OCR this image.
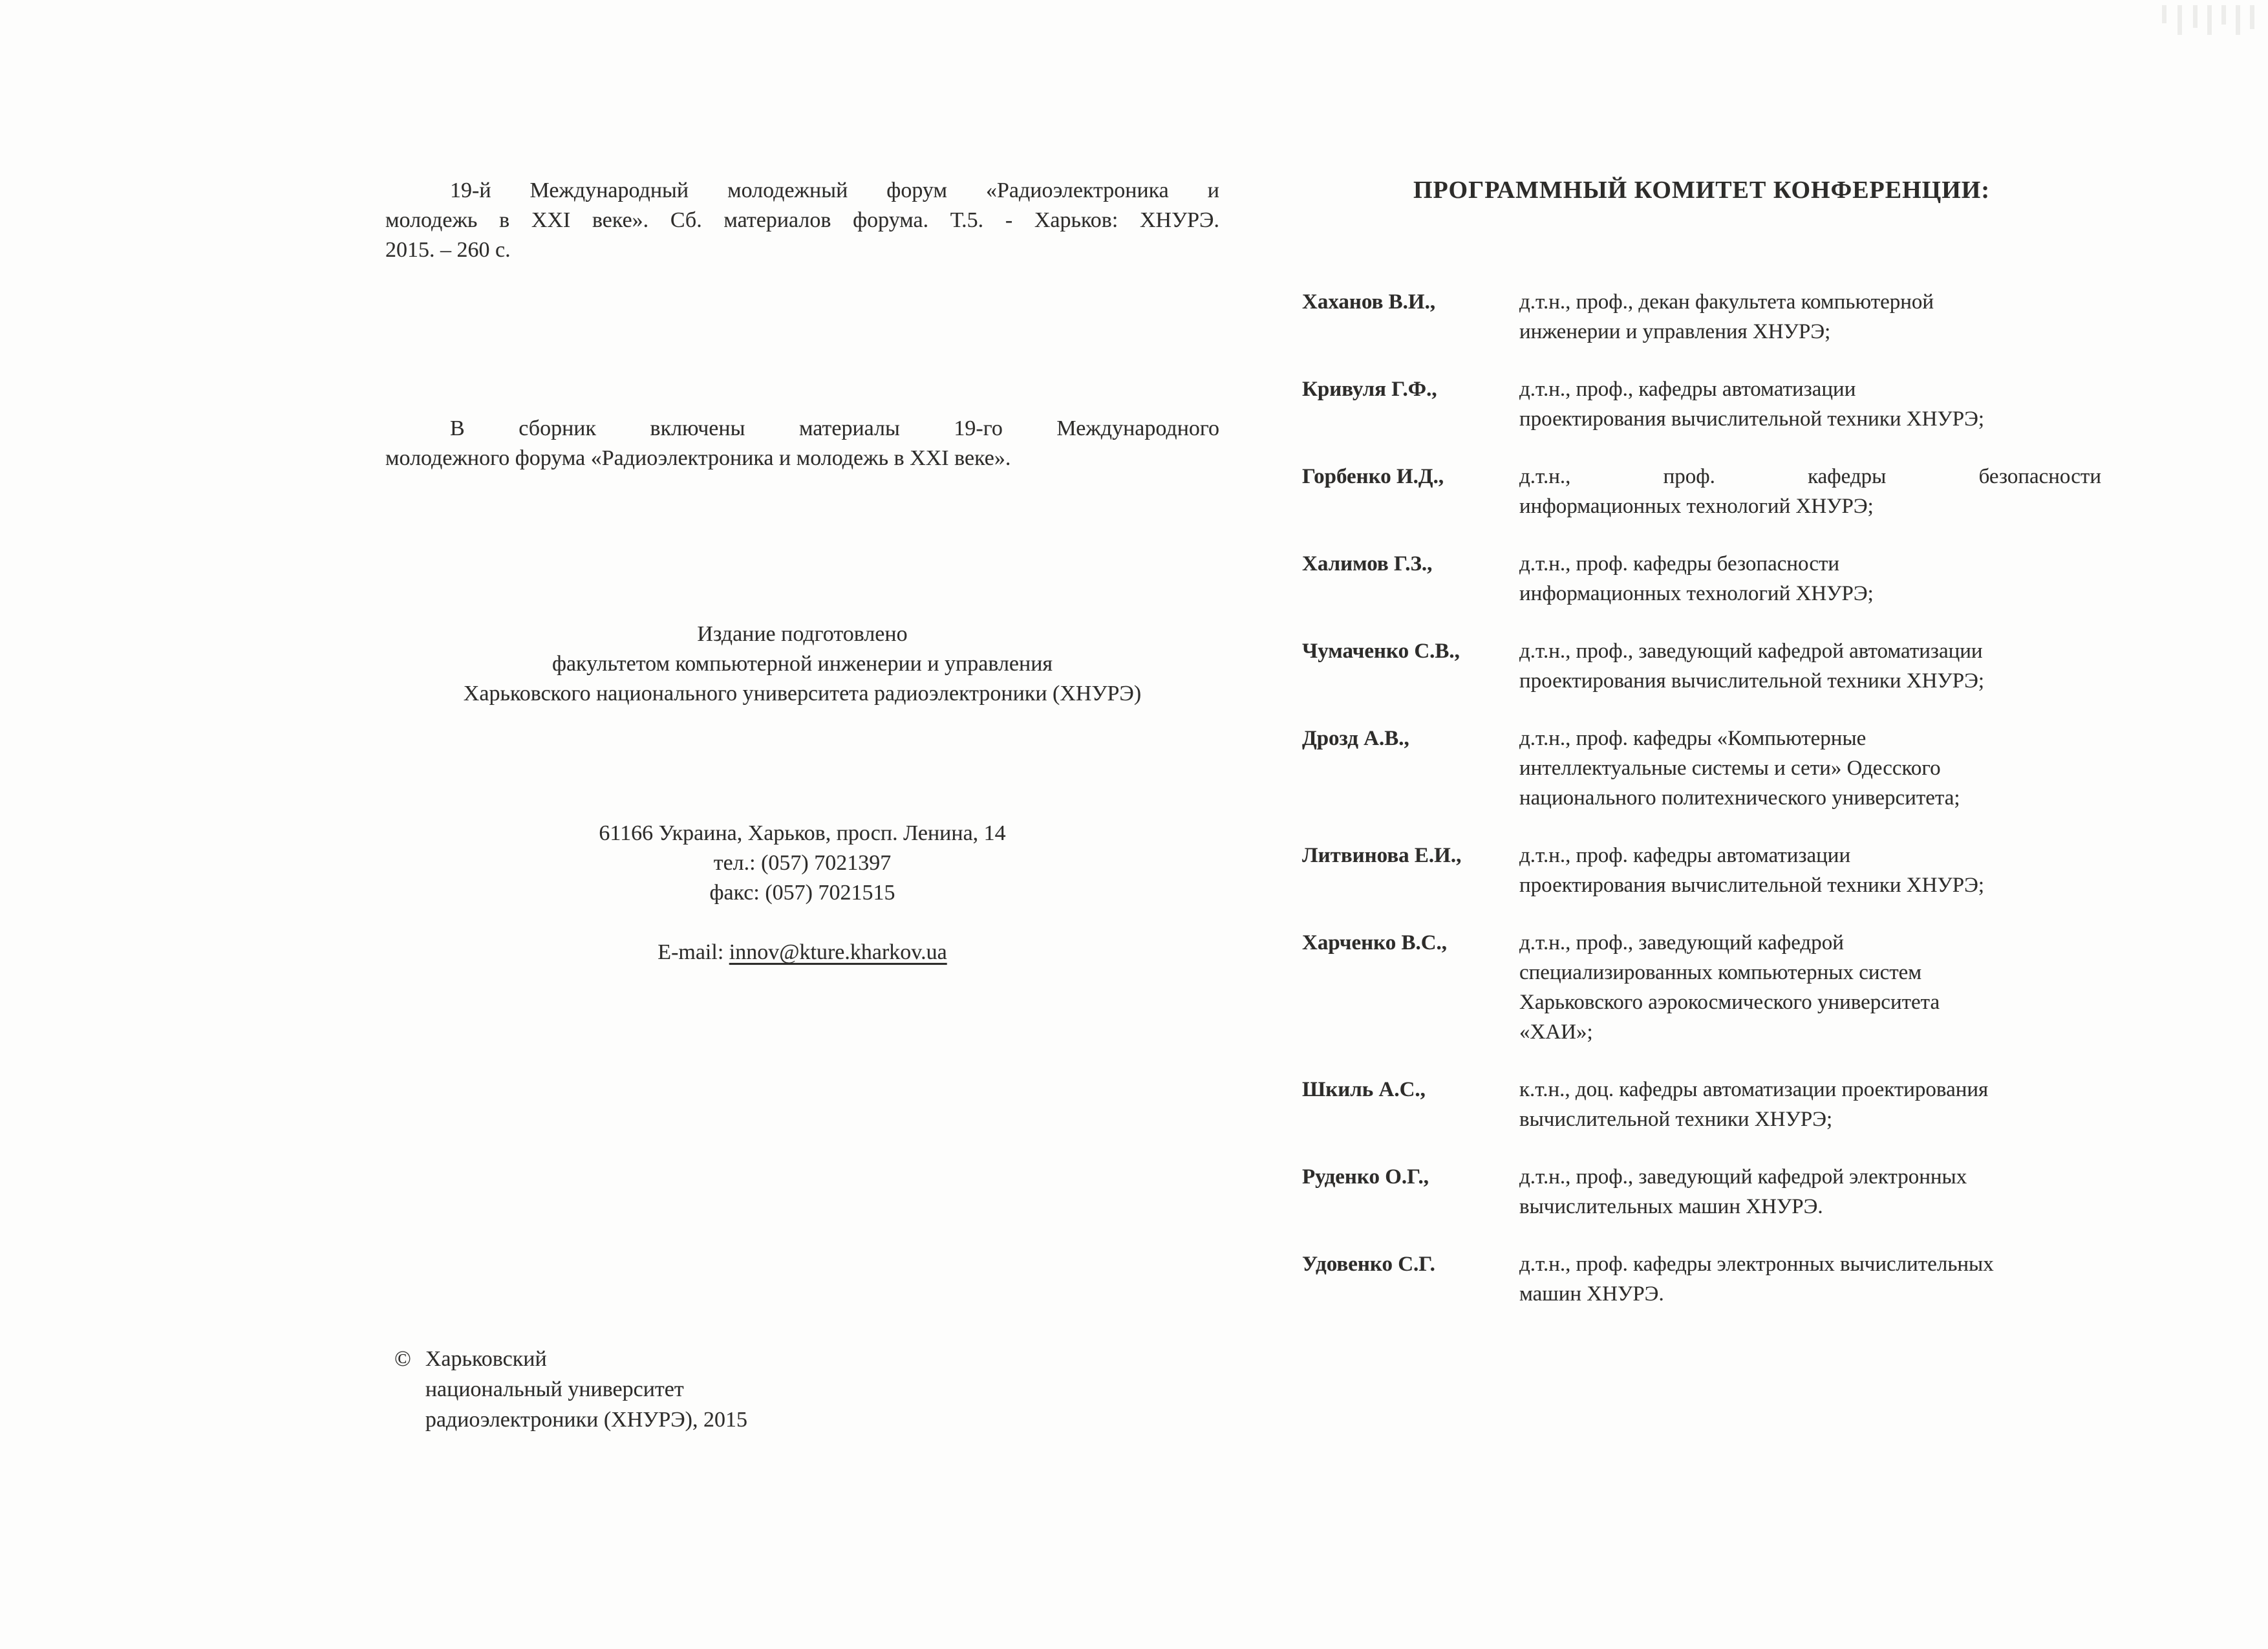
19-й Международный молодежный форум «Радиоэлектроника и
молодежь в XXI веке». Сб. материалов форума. Т.5. - Харьков: ХНУРЭ.
2015. – 260 с.
В сборник включены материалы 19-го Международного
молодежного форума «Радиоэлектроника и молодежь в XXI веке».
Издание подготовлено
факультетом компьютерной инженерии и управления
Харьковского национального университета радиоэлектроники (ХНУРЭ)
61166 Украина, Харьков, просп. Ленина, 14
тел.: (057) 7021397
факс: (057) 7021515
E-mail: innov@kture.kharkov.ua
© Харьковский
национальный университет
радиоэлектроники (ХНУРЭ), 2015
ПРОГРАММНЫЙ КОМИТЕТ КОНФЕРЕНЦИИ:
Хаханов В.И.,	д.т.н., проф., декан факультета компьютерной
инженерии и управления ХНУРЭ;
Кривуля Г.Ф.,	д.т.н., проф., кафедры автоматизации
проектирования вычислительной техники ХНУРЭ;
Горбенко И.Д.,	д.т.н., проф. кафедры безопасности
информационных технологий ХНУРЭ;
Халимов Г.З.,	д.т.н., проф. кафедры безопасности
информационных технологий ХНУРЭ;
Чумаченко С.В.,	д.т.н., проф., заведующий кафедрой автоматизации
проектирования вычислительной техники ХНУРЭ;
Дрозд А.В.,	д.т.н., проф. кафедры «Компьютерные
интеллектуальные системы и сети» Одесского
национального политехнического университета;
Литвинова Е.И.,	д.т.н., проф. кафедры автоматизации
проектирования вычислительной техники ХНУРЭ;
Харченко В.С.,	д.т.н., проф., заведующий кафедрой
специализированных компьютерных систем
Харьковского аэрокосмического университета
«ХАИ»;
Шкиль А.С.,	к.т.н., доц. кафедры автоматизации проектирования
вычислительной техники ХНУРЭ;
Руденко О.Г.,	д.т.н., проф., заведующий кафедрой электронных
вычислительных машин ХНУРЭ.
Удовенко С.Г.	д.т.н., проф. кафедры электронных вычислительных
машин ХНУРЭ.
